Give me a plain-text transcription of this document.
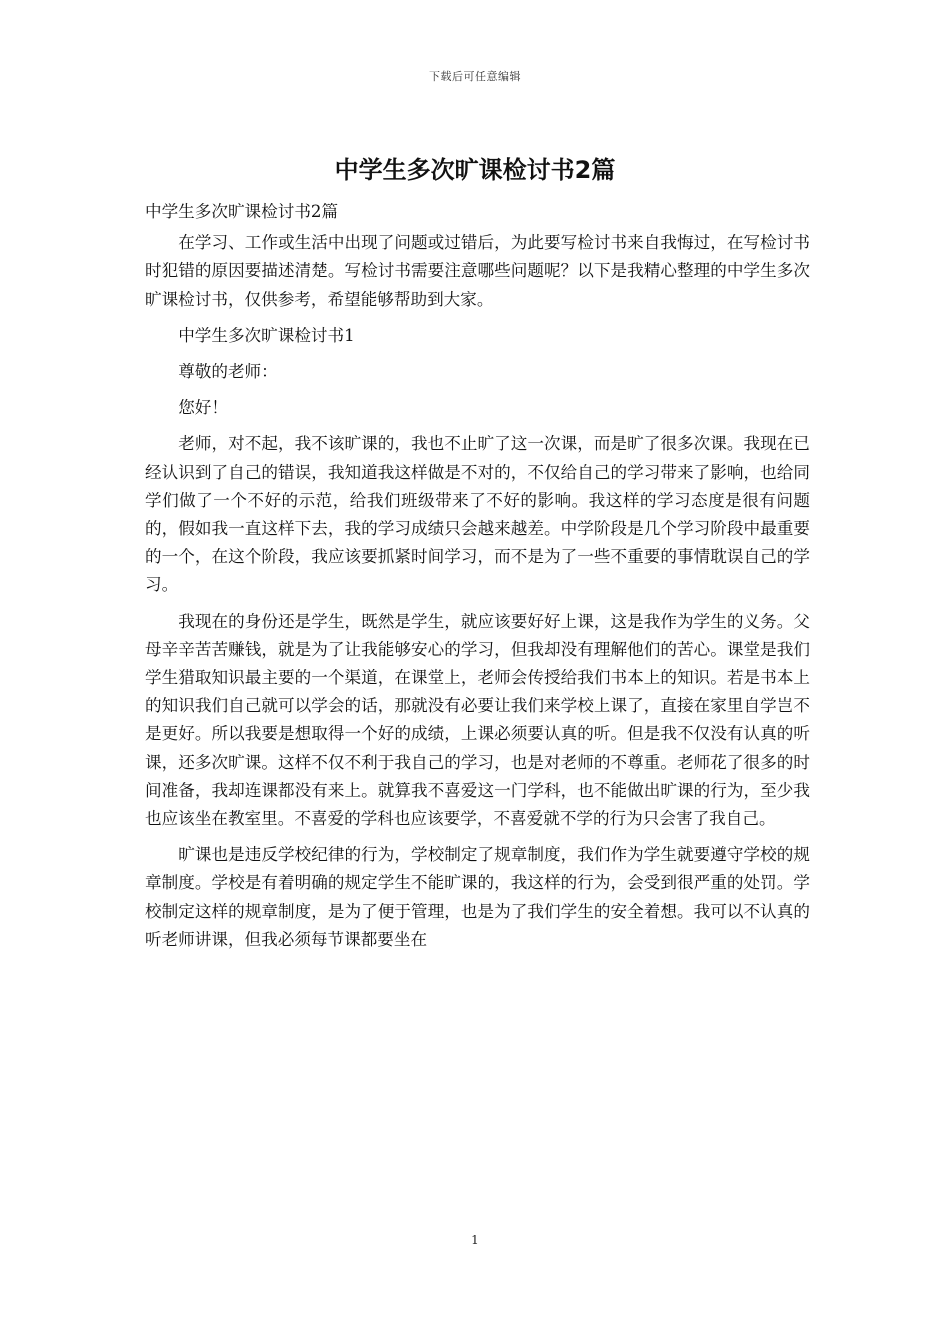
下载后可任意编辑
中学生多次旷课检讨书2篇

中学生多次旷课检讨书2篇

在学习、工作或生活中出现了问题或过错后，为此要写检讨书来自我悔过，在写检讨书时犯错的原因要描述清楚。写检讨书需要注意哪些问题呢？以下是我精心整理的中学生多次旷课检讨书，仅供参考，希望能够帮助到大家。

中学生多次旷课检讨书1

尊敬的老师：

您好！

老师，对不起，我不该旷课的，我也不止旷了这一次课，而是旷了很多次课。我现在已经认识到了自己的错误，我知道我这样做是不对的，不仅给自己的学习带来了影响，也给同学们做了一个不好的示范，给我们班级带来了不好的影响。我这样的学习态度是很有问题的，假如我一直这样下去，我的学习成绩只会越来越差。中学阶段是几个学习阶段中最重要的一个，在这个阶段，我应该要抓紧时间学习，而不是为了一些不重要的事情耽误自己的学习。

我现在的身份还是学生，既然是学生，就应该要好好上课，这是我作为学生的义务。父母辛辛苦苦赚钱，就是为了让我能够安心的学习，但我却没有理解他们的苦心。课堂是我们学生猎取知识最主要的一个渠道，在课堂上，老师会传授给我们书本上的知识。若是书本上的知识我们自己就可以学会的话，那就没有必要让我们来学校上课了，直接在家里自学岂不是更好。所以我要是想取得一个好的成绩，上课必须要认真的听。但是我不仅没有认真的听课，还多次旷课。这样不仅不利于我自己的学习，也是对老师的不尊重。老师花了很多的时间准备，我却连课都没有来上。就算我不喜爱这一门学科，也不能做出旷课的行为，至少我也应该坐在教室里。不喜爱的学科也应该要学，不喜爱就不学的行为只会害了我自己。

旷课也是违反学校纪律的行为，学校制定了规章制度，我们作为学生就要遵守学校的规章制度。学校是有着明确的规定学生不能旷课的，我这样的行为，会受到很严重的处罚。学校制定这样的规章制度，是为了便于管理，也是为了我们学生的安全着想。我可以不认真的听老师讲课，但我必须每节课都要坐在

1
